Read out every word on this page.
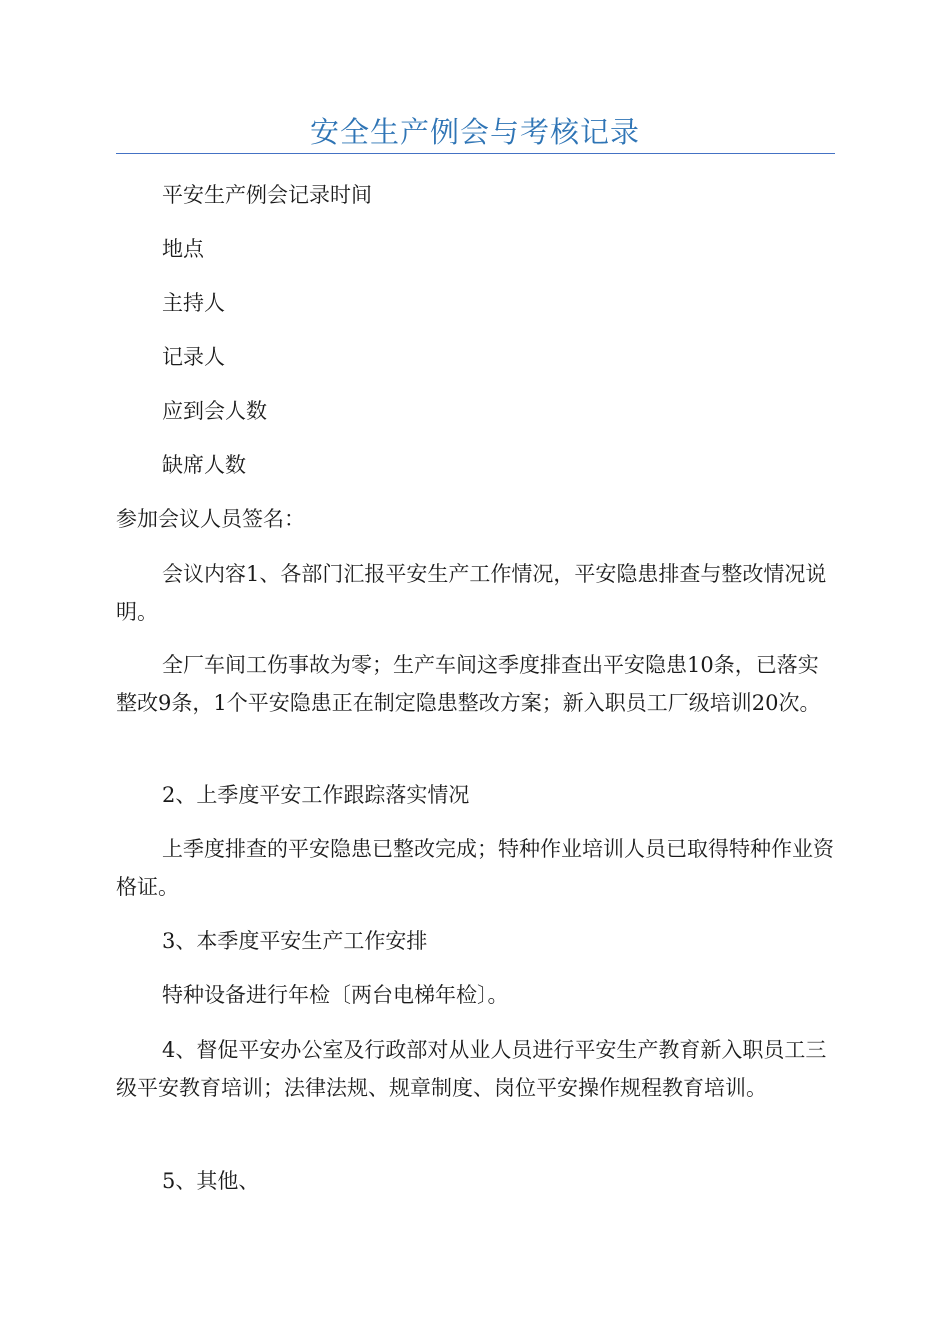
安全生产例会与考核记录

平安生产例会记录时间

地点

主持人

记录人

应到会人数

缺席人数

参加会议人员签名：

会议内容1、各部门汇报平安生产工作情况，平安隐患排查与整改情况说明。

全厂车间工伤事故为零；生产车间这季度排查出平安隐患10条，已落实整改9条，1个平安隐患正在制定隐患整改方案；新入职员工厂级培训20次。

2、上季度平安工作跟踪落实情况

上季度排查的平安隐患已整改完成；特种作业培训人员已取得特种作业资格证。

3、本季度平安生产工作安排

特种设备进行年检〔两台电梯年检〕。

4、督促平安办公室及行政部对从业人员进行平安生产教育新入职员工三级平安教育培训；法律法规、规章制度、岗位平安操作规程教育培训。

5、其他、
